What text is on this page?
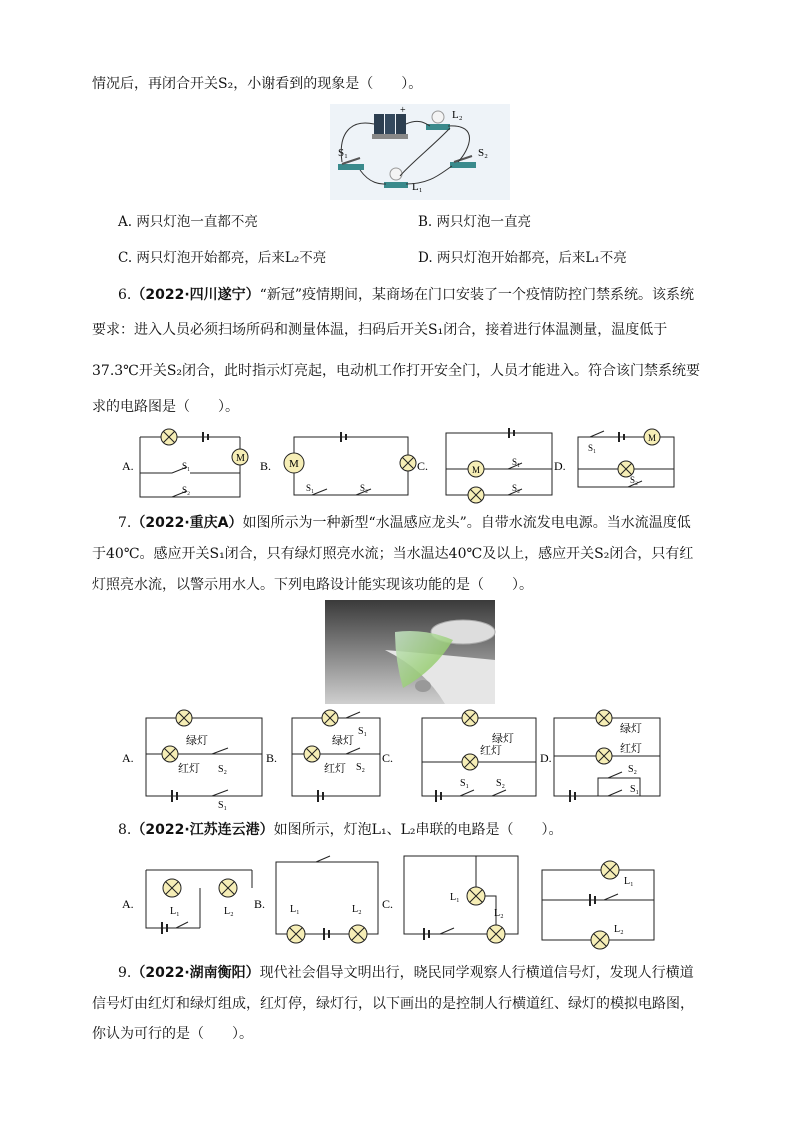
情况后，再闭合开关S₂，小谢看到的现象是（　　）。
+	L₂
S₁	S₂
L₁
A. 两只灯泡一直都不亮	B. 两只灯泡一直亮
C. 两只灯泡开始都亮，后来L₂不亮	D. 两只灯泡开始都亮，后来L₁不亮
6.（2022·四川遂宁）“新冠”疫情期间，某商场在门口安装了一个疫情防控门禁系统。该系统
要求：进入人员必须扫场所码和测量体温，扫码后开关S₁闭合，接着进行体温测量，温度低于
37.3℃开关S₂闭合，此时指示灯亮起，电动机工作打开安全门，人员才能进入。符合该门禁系统要
求的电路图是（　　）。
A.
M
S₁
S₂
B. M
S₁	S₂
C.	M
S₁
S₂
D.
S₁
M
S₂
7.（2022·重庆A）如图所示为一种新型“水温感应龙头”。自带水流发电电源。当水流温度低
于40℃。感应开关S₁闭合，只有绿灯照亮水流；当水温达40℃及以上，感应开关S₂闭合，只有红
灯照亮水流，以警示用水人。下列电路设计能实现该功能的是（　　）。
A.
绿灯
红灯 S₂
S₁
B.
S₁
绿灯
红灯 S₂
C.
绿灯
红灯
S₁	S₂
D.
绿灯
红灯
S₂
S₁
8.（2022·江苏连云港）如图所示，灯泡L₁、L₂串联的电路是（　　）。
A.
L₁	L₂
B. L₁	L₂ C.	L₁
L₂
L₁
L₂
9.（2022·湖南衡阳）现代社会倡导文明出行，晓民同学观察人行横道信号灯，发现人行横道
信号灯由红灯和绿灯组成，红灯停，绿灯行，以下画出的是控制人行横道红、绿灯的模拟电路图，
你认为可行的是（　　）。
